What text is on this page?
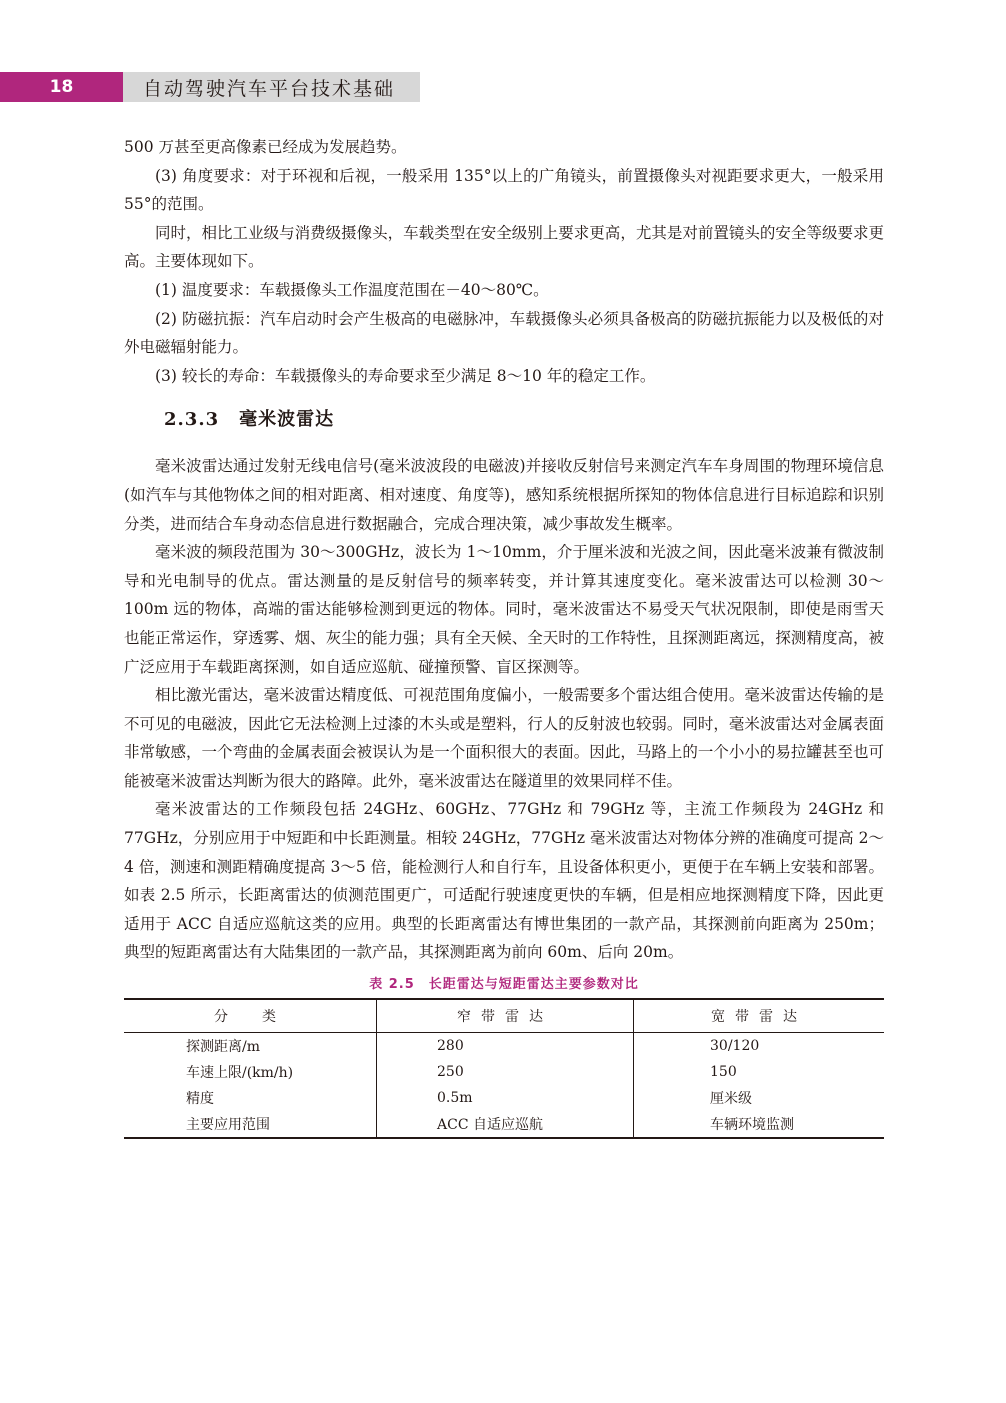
18	自动驾驶汽车平台技术基础

500 万甚至更高像素已经成为发展趋势。

(3) 角度要求：对于环视和后视，一般采用 135°以上的广角镜头，前置摄像头对视距要求更大，一般采用 55°的范围。

同时，相比工业级与消费级摄像头，车载类型在安全级别上要求更高，尤其是对前置镜头的安全等级要求更高。主要体现如下。

(1) 温度要求：车载摄像头工作温度范围在－40～80℃。

(2) 防磁抗振：汽车启动时会产生极高的电磁脉冲，车载摄像头必须具备极高的防磁抗振能力以及极低的对外电磁辐射能力。

(3) 较长的寿命：车载摄像头的寿命要求至少满足 8～10 年的稳定工作。

2.3.3 毫米波雷达

毫米波雷达通过发射无线电信号(毫米波波段的电磁波)并接收反射信号来测定汽车车身周围的物理环境信息(如汽车与其他物体之间的相对距离、相对速度、角度等)，感知系统根据所探知的物体信息进行目标追踪和识别分类，进而结合车身动态信息进行数据融合，完成合理决策，减少事故发生概率。

毫米波的频段范围为 30～300GHz，波长为 1～10mm，介于厘米波和光波之间，因此毫米波兼有微波制导和光电制导的优点。雷达测量的是反射信号的频率转变，并计算其速度变化。毫米波雷达可以检测 30～100m 远的物体，高端的雷达能够检测到更远的物体。同时，毫米波雷达不易受天气状况限制，即使是雨雪天也能正常运作，穿透雾、烟、灰尘的能力强；具有全天候、全天时的工作特性，且探测距离远，探测精度高，被广泛应用于车载距离探测，如自适应巡航、碰撞预警、盲区探测等。

相比激光雷达，毫米波雷达精度低、可视范围角度偏小，一般需要多个雷达组合使用。毫米波雷达传输的是不可见的电磁波，因此它无法检测上过漆的木头或是塑料，行人的反射波也较弱。同时，毫米波雷达对金属表面非常敏感，一个弯曲的金属表面会被误认为是一个面积很大的表面。因此，马路上的一个小小的易拉罐甚至也可能被毫米波雷达判断为很大的路障。此外，毫米波雷达在隧道里的效果同样不佳。

毫米波雷达的工作频段包括 24GHz、60GHz、77GHz 和 79GHz 等，主流工作频段为 24GHz 和 77GHz，分别应用于中短距和中长距测量。相较 24GHz，77GHz 毫米波雷达对物体分辨的准确度可提高 2～4 倍，测速和测距精确度提高 3～5 倍，能检测行人和自行车，且设备体积更小，更便于在车辆上安装和部署。如表 2.5 所示，长距离雷达的侦测范围更广，可适配行驶速度更快的车辆，但是相应地探测精度下降，因此更适用于 ACC 自适应巡航这类的应用。典型的长距离雷达有博世集团的一款产品，其探测前向距离为 250m；典型的短距离雷达有大陆集团的一款产品，其探测距离为前向 60m、后向 20m。

表 2.5　长距雷达与短距雷达主要参数对比
分　类	窄带雷达	宽带雷达
探测距离/m	280	30/120
车速上限/(km/h)	250	150
精度	0.5m	厘米级
主要应用范围	ACC 自适应巡航	车辆环境监测
